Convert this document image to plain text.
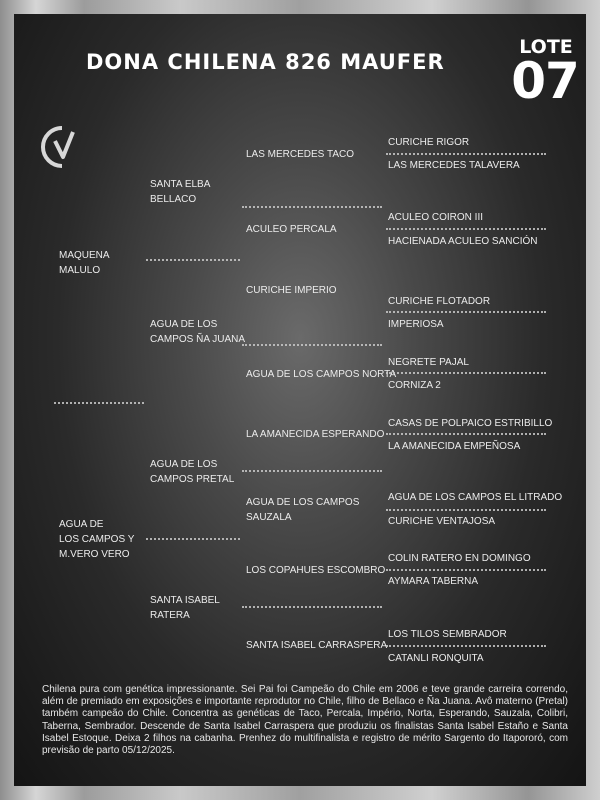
DONA CHILENA 826 MAUFER
LOTE
07
MAQUENA
MALULO
AGUA DE
LOS CAMPOS Y
M.VERO VERO
SANTA ELBA
BELLACO
AGUA DE LOS
CAMPOS ÑA JUANA
AGUA DE LOS
CAMPOS PRETAL
SANTA ISABEL
RATERA
LAS MERCEDES TACO
ACULEO PERCALA
CURICHE IMPERIO
AGUA DE LOS CAMPOS NORTA
LA AMANECIDA ESPERANDO
AGUA DE LOS CAMPOS
SAUZALA
LOS COPAHUES ESCOMBRO
SANTA ISABEL CARRASPERA
CURICHE RIGOR
LAS MERCEDES TALAVERA
ACULEO COIRON III
HACIENADA ACULEO SANCIÓN
CURICHE FLOTADOR
IMPERIOSA
NEGRETE PAJAL
CORNIZA 2
CASAS DE POLPAICO ESTRIBILLO
LA AMANECIDA EMPEÑOSA
AGUA DE LOS CAMPOS EL LITRADO
CURICHE VENTAJOSA
COLIN RATERO EN DOMINGO
AYMARA TABERNA
LOS TILOS SEMBRADOR
CATANLI RONQUITA
Chilena pura com genética impressionante. Sei Pai foi Campeão do Chile em 2006 e teve grande carreira correndo, além de premiado em exposições e importante reprodutor no Chile, filho de Bellaco e Ña Juana. Avô materno (Pretal) também campeão do Chile. Concentra as genéticas de Taco, Percala, Império, Norta, Esperando, Sauzala, Colibri, Taberna, Sembrador. Descende de Santa Isabel Carraspera que produziu os finalistas Santa Isabel Estaño e Santa Isabel Estoque. Deixa 2 filhos na cabanha. Prenhez do multifinalista e registro de mérito Sargento do Itapororó, com previsão de parto 05/12/2025.
